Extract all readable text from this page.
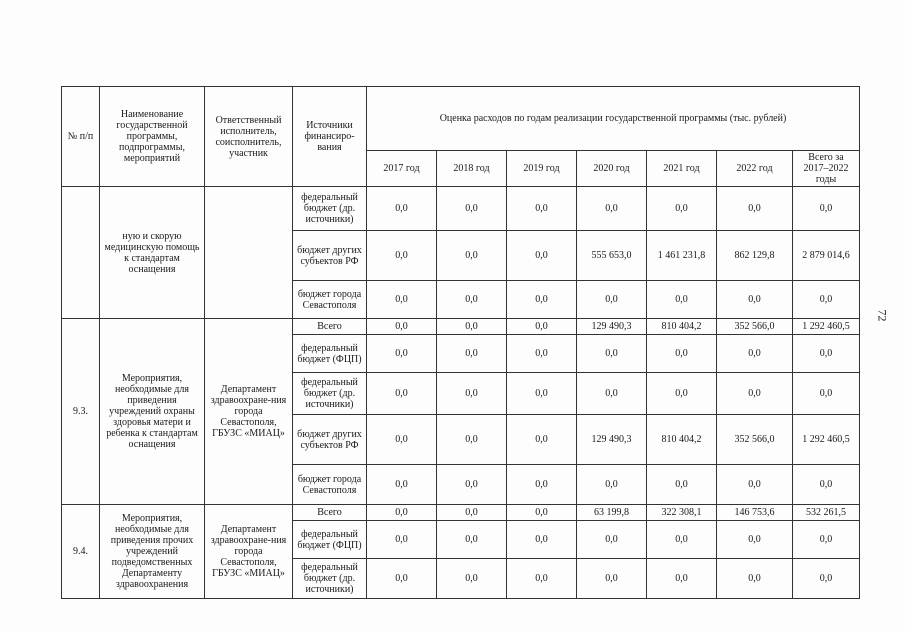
72
№ п/п	Наименование государственной программы, подпрограммы, мероприятий	Ответственный исполнитель, соисполнитель, участник	Источники финансиро-вания	Оценка расходов по годам реализации государственной программы (тыс. рублей)						
				2017 год	2018 год	2019 год	2020 год	2021 год	2022 год	Всего за 2017–2022 годы
	ную и скорую медицинскую помощь к стандартам оснащения		федеральный бюджет (др. источники)	0,0	0,0	0,0	0,0	0,0	0,0	0,0
			бюджет других субъектов РФ	0,0	0,0	0,0	555 653,0	1 461 231,8	862 129,8	2 879 014,6
			бюджет города Севастополя	0,0	0,0	0,0	0,0	0,0	0,0	0,0
9.3.	Мероприятия, необходимые для приведения учреждений охраны здоровья матери и ребенка к стандартам оснащения	Департамент здравоохране-ния города Севастополя, ГБУЗС «МИАЦ»	Всего	0,0	0,0	0,0	129 490,3	810 404,2	352 566,0	1 292 460,5
			федеральный бюджет (ФЦП)	0,0	0,0	0,0	0,0	0,0	0,0	0,0
			федеральный бюджет (др. источники)	0,0	0,0	0,0	0,0	0,0	0,0	0,0
			бюджет других субъектов РФ	0,0	0,0	0,0	129 490,3	810 404,2	352 566,0	1 292 460,5
			бюджет города Севастополя	0,0	0,0	0,0	0,0	0,0	0,0	0,0
9.4.	Мероприятия, необходимые для приведения прочих учреждений подведомственных Департаменту здравоохранения	Департамент здравоохране-ния города Севастополя, ГБУЗС «МИАЦ»	Всего	0,0	0,0	0,0	63 199,8	322 308,1	146 753,6	532 261,5
			федеральный бюджет (ФЦП)	0,0	0,0	0,0	0,0	0,0	0,0	0,0
			федеральный бюджет (др. источники)	0,0	0,0	0,0	0,0	0,0	0,0	0,0
